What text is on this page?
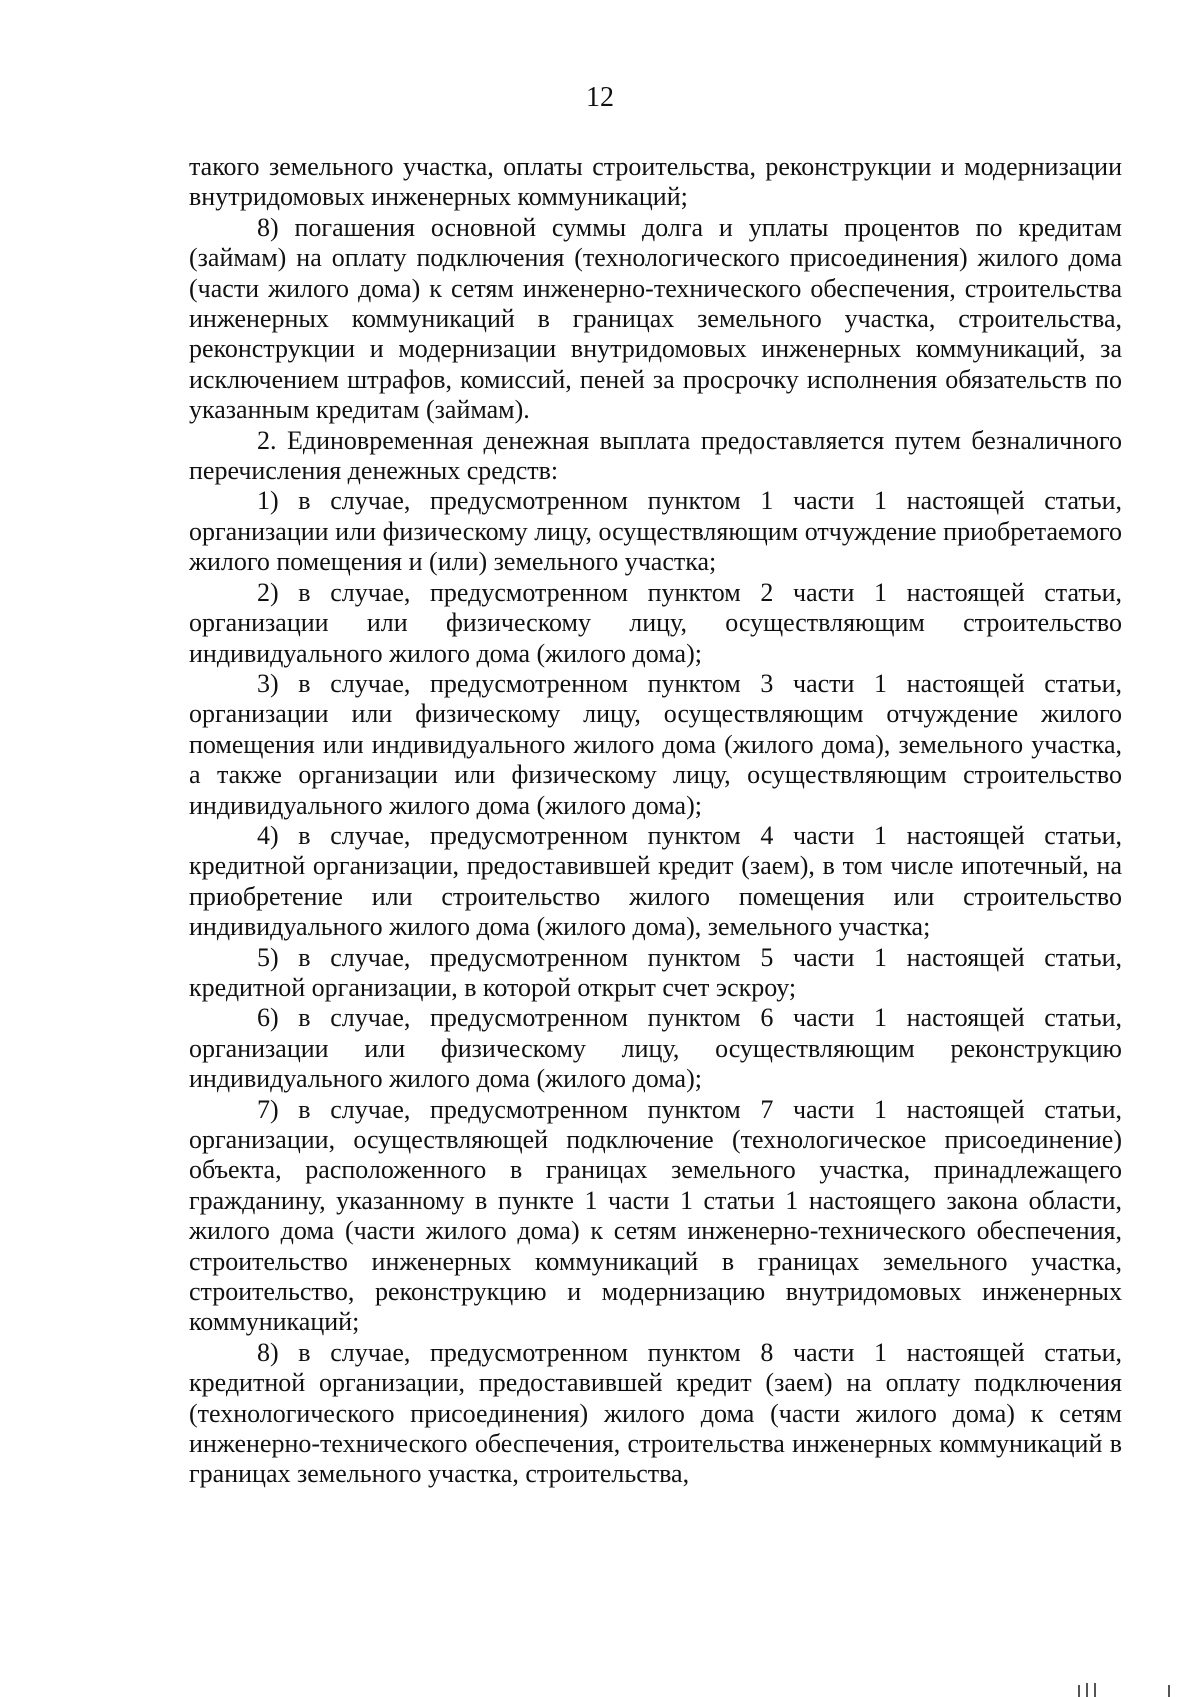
12

такого земельного участка, оплаты строительства, реконструкции и модернизации внутридомовых инженерных коммуникаций;

8) погашения основной суммы долга и уплаты процентов по кредитам (займам) на оплату подключения (технологического присоединения) жилого дома (части жилого дома) к сетям инженерно-технического обеспечения, строительства инженерных коммуникаций в границах земельного участка, строительства, реконструкции и модернизации внутридомовых инженерных коммуникаций, за исключением штрафов, комиссий, пеней за просрочку исполнения обязательств по указанным кредитам (займам).

2. Единовременная денежная выплата предоставляется путем безналичного перечисления денежных средств:

1) в случае, предусмотренном пунктом 1 части 1 настоящей статьи, организации или физическому лицу, осуществляющим отчуждение приобретаемого жилого помещения и (или) земельного участка;

2) в случае, предусмотренном пунктом 2 части 1 настоящей статьи, организации или физическому лицу, осуществляющим строительство индивидуального жилого дома (жилого дома);

3) в случае, предусмотренном пунктом 3 части 1 настоящей статьи, организации или физическому лицу, осуществляющим отчуждение жилого помещения или индивидуального жилого дома (жилого дома), земельного участка, а также организации или физическому лицу, осуществляющим строительство индивидуального жилого дома (жилого дома);

4) в случае, предусмотренном пунктом 4 части 1 настоящей статьи, кредитной организации, предоставившей кредит (заем), в том числе ипотечный, на приобретение или строительство жилого помещения или строительство индивидуального жилого дома (жилого дома), земельного участка;

5) в случае, предусмотренном пунктом 5 части 1 настоящей статьи, кредитной организации, в которой открыт счет эскроу;

6) в случае, предусмотренном пунктом 6 части 1 настоящей статьи, организации или физическому лицу, осуществляющим реконструкцию индивидуального жилого дома (жилого дома);

7) в случае, предусмотренном пунктом 7 части 1 настоящей статьи, организации, осуществляющей подключение (технологическое присоединение) объекта, расположенного в границах земельного участка, принадлежащего гражданину, указанному в пункте 1 части 1 статьи 1 настоящего закона области, жилого дома (части жилого дома) к сетям инженерно-технического обеспечения, строительство инженерных коммуникаций в границах земельного участка, строительство, реконструкцию и модернизацию внутридомовых инженерных коммуникаций;

8) в случае, предусмотренном пунктом 8 части 1 настоящей статьи, кредитной организации, предоставившей кредит (заем) на оплату подключения (технологического присоединения) жилого дома (части жилого дома) к сетям инженерно-технического обеспечения, строительства инженерных коммуникаций в границах земельного участка, строительства,
